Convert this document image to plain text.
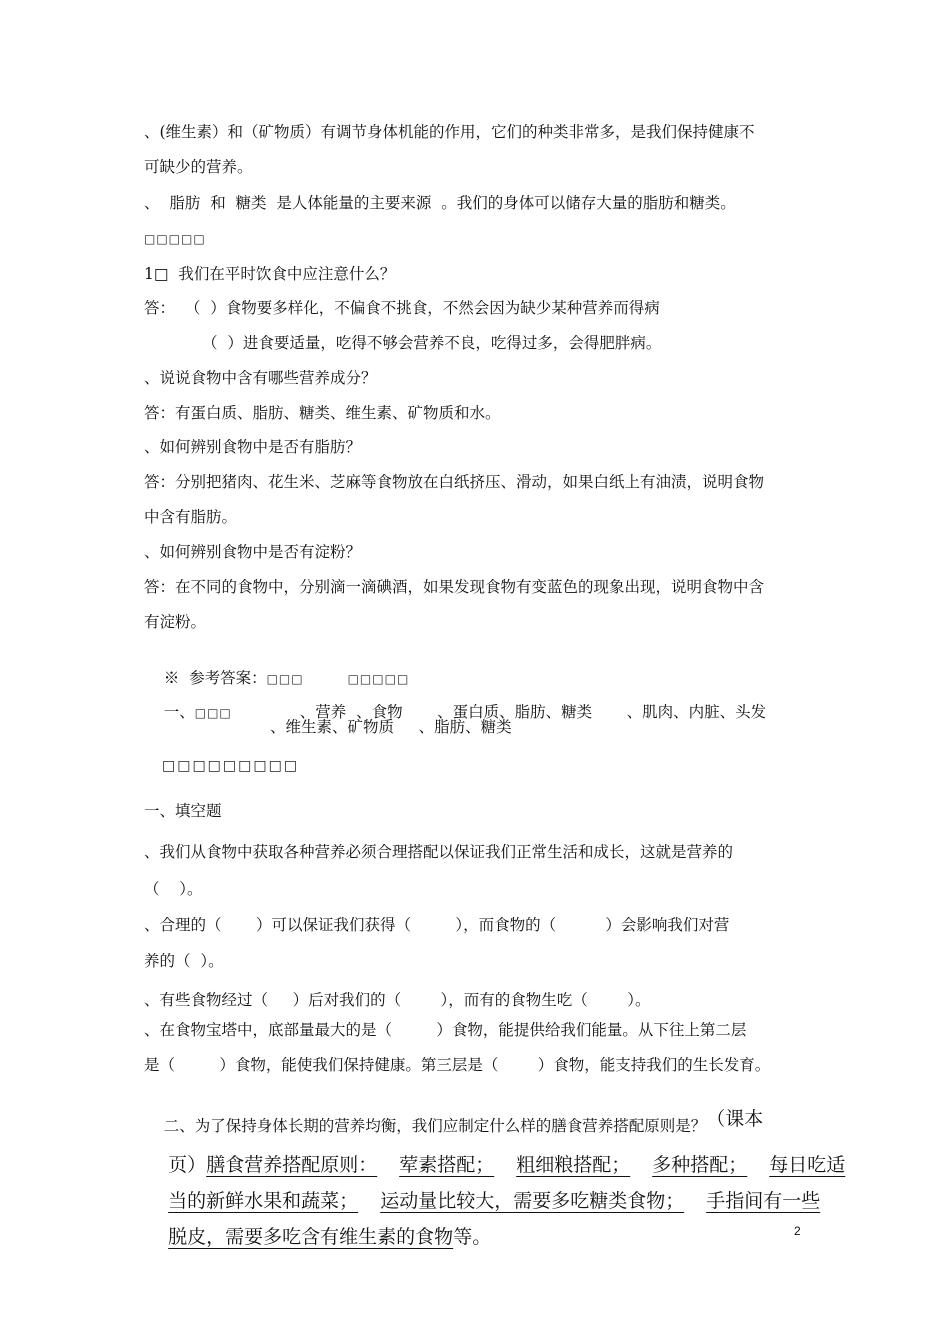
、(维生素）和（矿物质）有调节身体机能的作用，它们的种类非常多，是我们保持健康不
可缺少的营养。
、  脂肪  和  糖类  是人体能量的主要来源  。我们的身体可以储存大量的脂肪和糖类。
□□□□□
1□  我们在平时饮食中应注意什么？
答：  （  ）食物要多样化，不偏食不挑食，不然会因为缺少某种营养而得病
（  ）进食要适量，吃得不够会营养不良，吃得过多，会得肥胖病。
、说说食物中含有哪些营养成分？
答：有蛋白质、脂肪、糖类、维生素、矿物质和水。
、如何辨别食物中是否有脂肪？
答：分别把猪肉、花生米、芝麻等食物放在白纸挤压、滑动，如果白纸上有油渍，说明食物
中含有脂肪。
、如何辨别食物中是否有淀粉？
答：在不同的食物中，分别滴一滴碘酒，如果发现食物有变蓝色的现象出现，说明食物中含
有淀粉。

※  参考答案：□□□	□□□□□

一、□□□	、营养  、食物       、蛋白质、脂肪、糖类       、肌肉、内脏、头发

、维生素、矿物质     、脂肪、糖类
□□□□□□□□□
一、填空题
、我们从食物中获取各种营养必须合理搭配以保证我们正常生活和成长，这就是营养的
（    ）。
、合理的（       ）可以保证我们获得（         ），而食物的（          ）会影响我们对营
养的（  ）。
、有些食物经过（     ）后对我们的（        ），而有的食物生吃（        ）。
、在食物宝塔中，底部量最大的是（         ）食物，能提供给我们能量。从下往上第二层
是（         ）食物，能使我们保持健康。第三层是（        ）食物，能支持我们的生长发育。

二、为了保持身体长期的营养均衡，我们应制定什么样的膳食营养搭配原则是？（课本

页）膳食营养搭配原则： 荤素搭配； 粗细粮搭配； 多种搭配； 每日吃适

当的新鲜水果和蔬菜； 运动量比较大，需要多吃糖类食物； 手指间有一些

脱皮，需要多吃含有维生素的食物等。
	2
